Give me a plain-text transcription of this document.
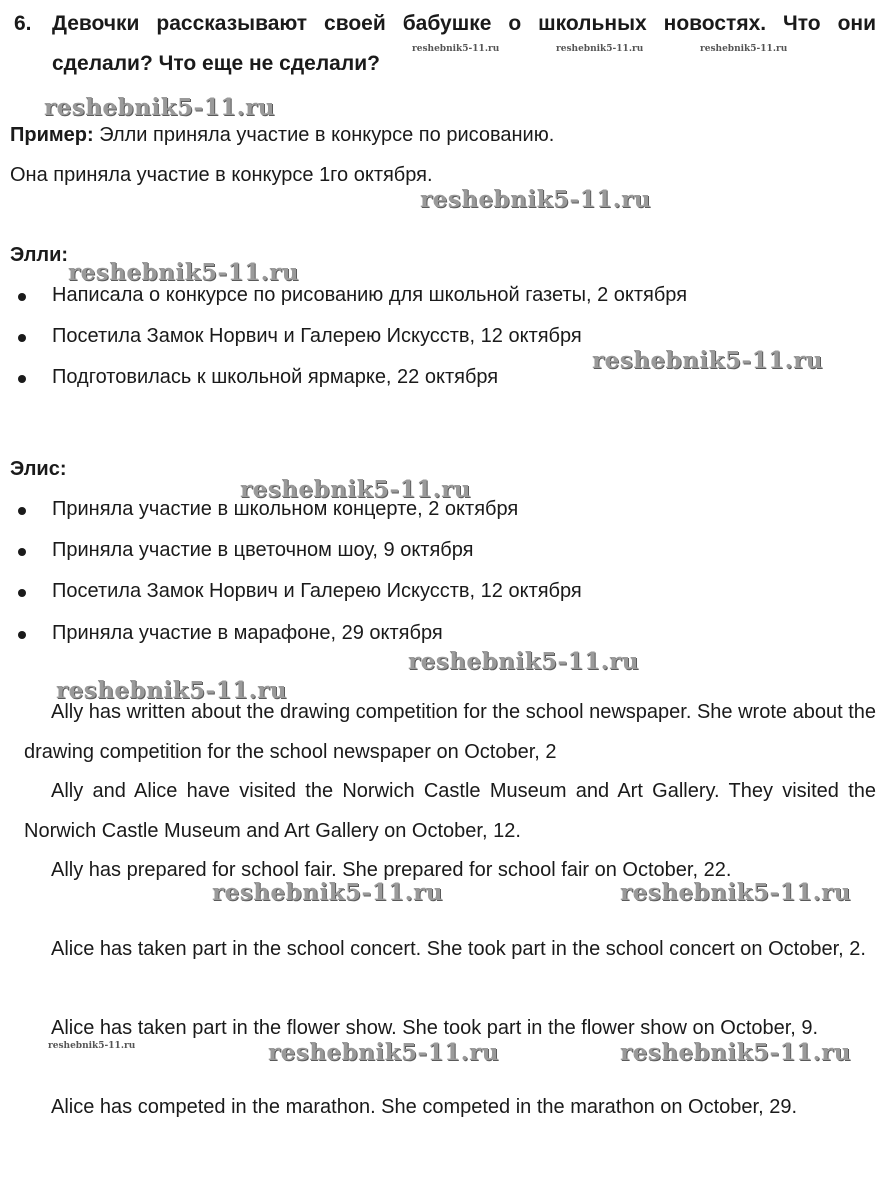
6. Девочки рассказывают своей бабушке о школьных новостях. Что они сделали? Что еще не сделали?
Пример: Элли приняла участие в конкурсе по рисованию.
Она приняла участие в конкурсе 1го октября.
Элли:
Написала о конкурсе по рисованию для школьной газеты, 2 октября
Посетила Замок Норвич и Галерею Искусств, 12 октября
Подготовилась к школьной ярмарке, 22 октября
Элис:
Приняла участие в школьном концерте, 2 октября
Приняла участие в цветочном шоу, 9 октября
Посетила Замок Норвич и Галерею Искусств, 12 октября
Приняла участие в марафоне, 29 октября
Ally has written about the drawing competition for the school newspaper. She wrote about the drawing competition for the school newspaper on October, 2
Ally and Alice have visited the Norwich Castle Museum and Art Gallery. They visited the Norwich Castle Museum and Art Gallery on October, 12.
Ally has prepared for school fair. She prepared for school fair on October, 22.
Alice has taken part in the school concert. She took part in the school concert on October, 2.
Alice has taken part in the flower show. She took part in the flower show on October, 9.
Alice has competed in the marathon. She competed in the marathon on October, 29.
reshebnik5-11.ru	reshebnik5-11.ru	reshebnik5-11.ru
reshebnik5-11.ru
reshebnik5-11.ru
reshebnik5-11.ru
reshebnik5-11.ru
reshebnik5-11.ru
reshebnik5-11.ru
reshebnik5-11.ru
reshebnik5-11.ru	reshebnik5-11.ru
reshebnik5-11.ru	reshebnik5-11.ru	reshebnik5-11.ru
